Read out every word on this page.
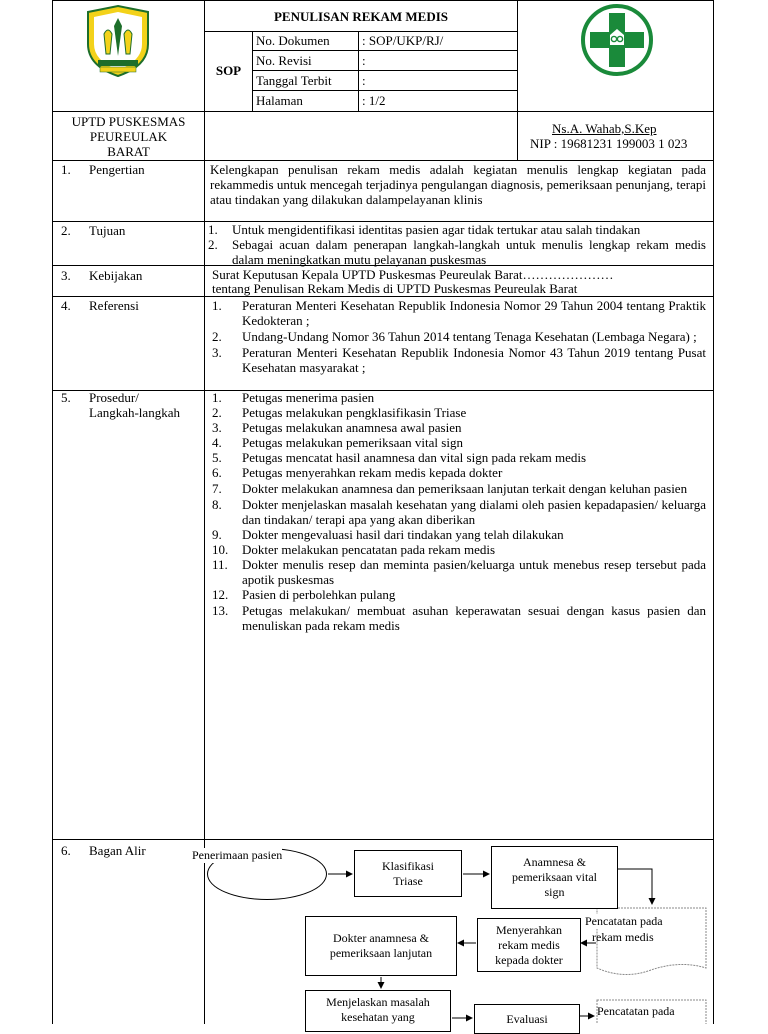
PENULISAN REKAM MEDIS
SOP
No. Dokumen : SOP/UKP/RJ/
No. Revisi	:
Tanggal Terbit :
Halaman	: 1/2
UPTD PUSKESMAS
PEUREULAK
BARAT
Ns.A. Wahab,S.Kep
NIP : 19681231 199003 1 023
1. Pengertian	Kelengkapan penulisan rekam medis adalah kegiatan menulis lengkap kegiatan pada rekammedis untuk mencegah terjadinya pengulangan diagnosis, pemeriksaan penunjang, terapi atau tindakan yang dilakukan dalampelayanan klinis
2. Tujuan	1. Untuk mengidentifikasi identitas pasien agar tidak tertukar atau salah tindakan
2. Sebagai acuan dalam penerapan langkah-langkah untuk menulis lengkap rekam medis dalam meningkatkan mutu pelayanan puskesmas
3. Kebijakan	Surat Keputusan Kepala UPTD Puskesmas Peureulak Barat…………………
tentang Penulisan Rekam Medis di UPTD Puskesmas Peureulak Barat
4. Referensi	1. Peraturan Menteri Kesehatan Republik Indonesia Nomor 29 Tahun 2004 tentang Praktik Kedokteran ;
2. Undang-Undang Nomor 36 Tahun 2014 tentang Tenaga Kesehatan (Lembaga Negara) ;
3. Peraturan Menteri Kesehatan Republik Indonesia Nomor 43 Tahun 2019 tentang Pusat Kesehatan masyarakat ;
5. Prosedur/
Langkah-langkah
1. Petugas menerima pasien
2. Petugas melakukan pengklasifikasin Triase
3. Petugas melakukan anamnesa awal pasien
4. Petugas melakukan pemeriksaan vital sign
5. Petugas mencatat hasil anamnesa dan vital sign pada rekam medis
6. Petugas menyerahkan rekam medis kepada dokter
7. Dokter melakukan anamnesa dan pemeriksaan lanjutan terkait dengan keluhan pasien
8. Dokter menjelaskan masalah kesehatan yang dialami oleh pasien kepadapasien/ keluarga dan tindakan/ terapi apa yang akan diberikan
9. Dokter mengevaluasi hasil dari tindakan yang telah dilakukan
10. Dokter melakukan pencatatan pada rekam medis
11. Dokter menulis resep dan meminta pasien/keluarga untuk menebus resep tersebut pada apotik puskesmas
12. Pasien di perbolehkan pulang
13. Petugas melakukan/ membuat asuhan keperawatan sesuai dengan kasus pasien dan menuliskan pada rekam medis
6. Bagan Alir	Penerimaan pasien
Klasifikasi
Triase
Anamnesa &
pemeriksaan vital
sign
Pencatatan pada
rekam medis
Menyerahkan
rekam medis
kepada dokter
Dokter anamnesa &
pemeriksaan lanjutan
Menjelaskan masalah
kesehatan yang	Evaluasi
Pencatatan pada
